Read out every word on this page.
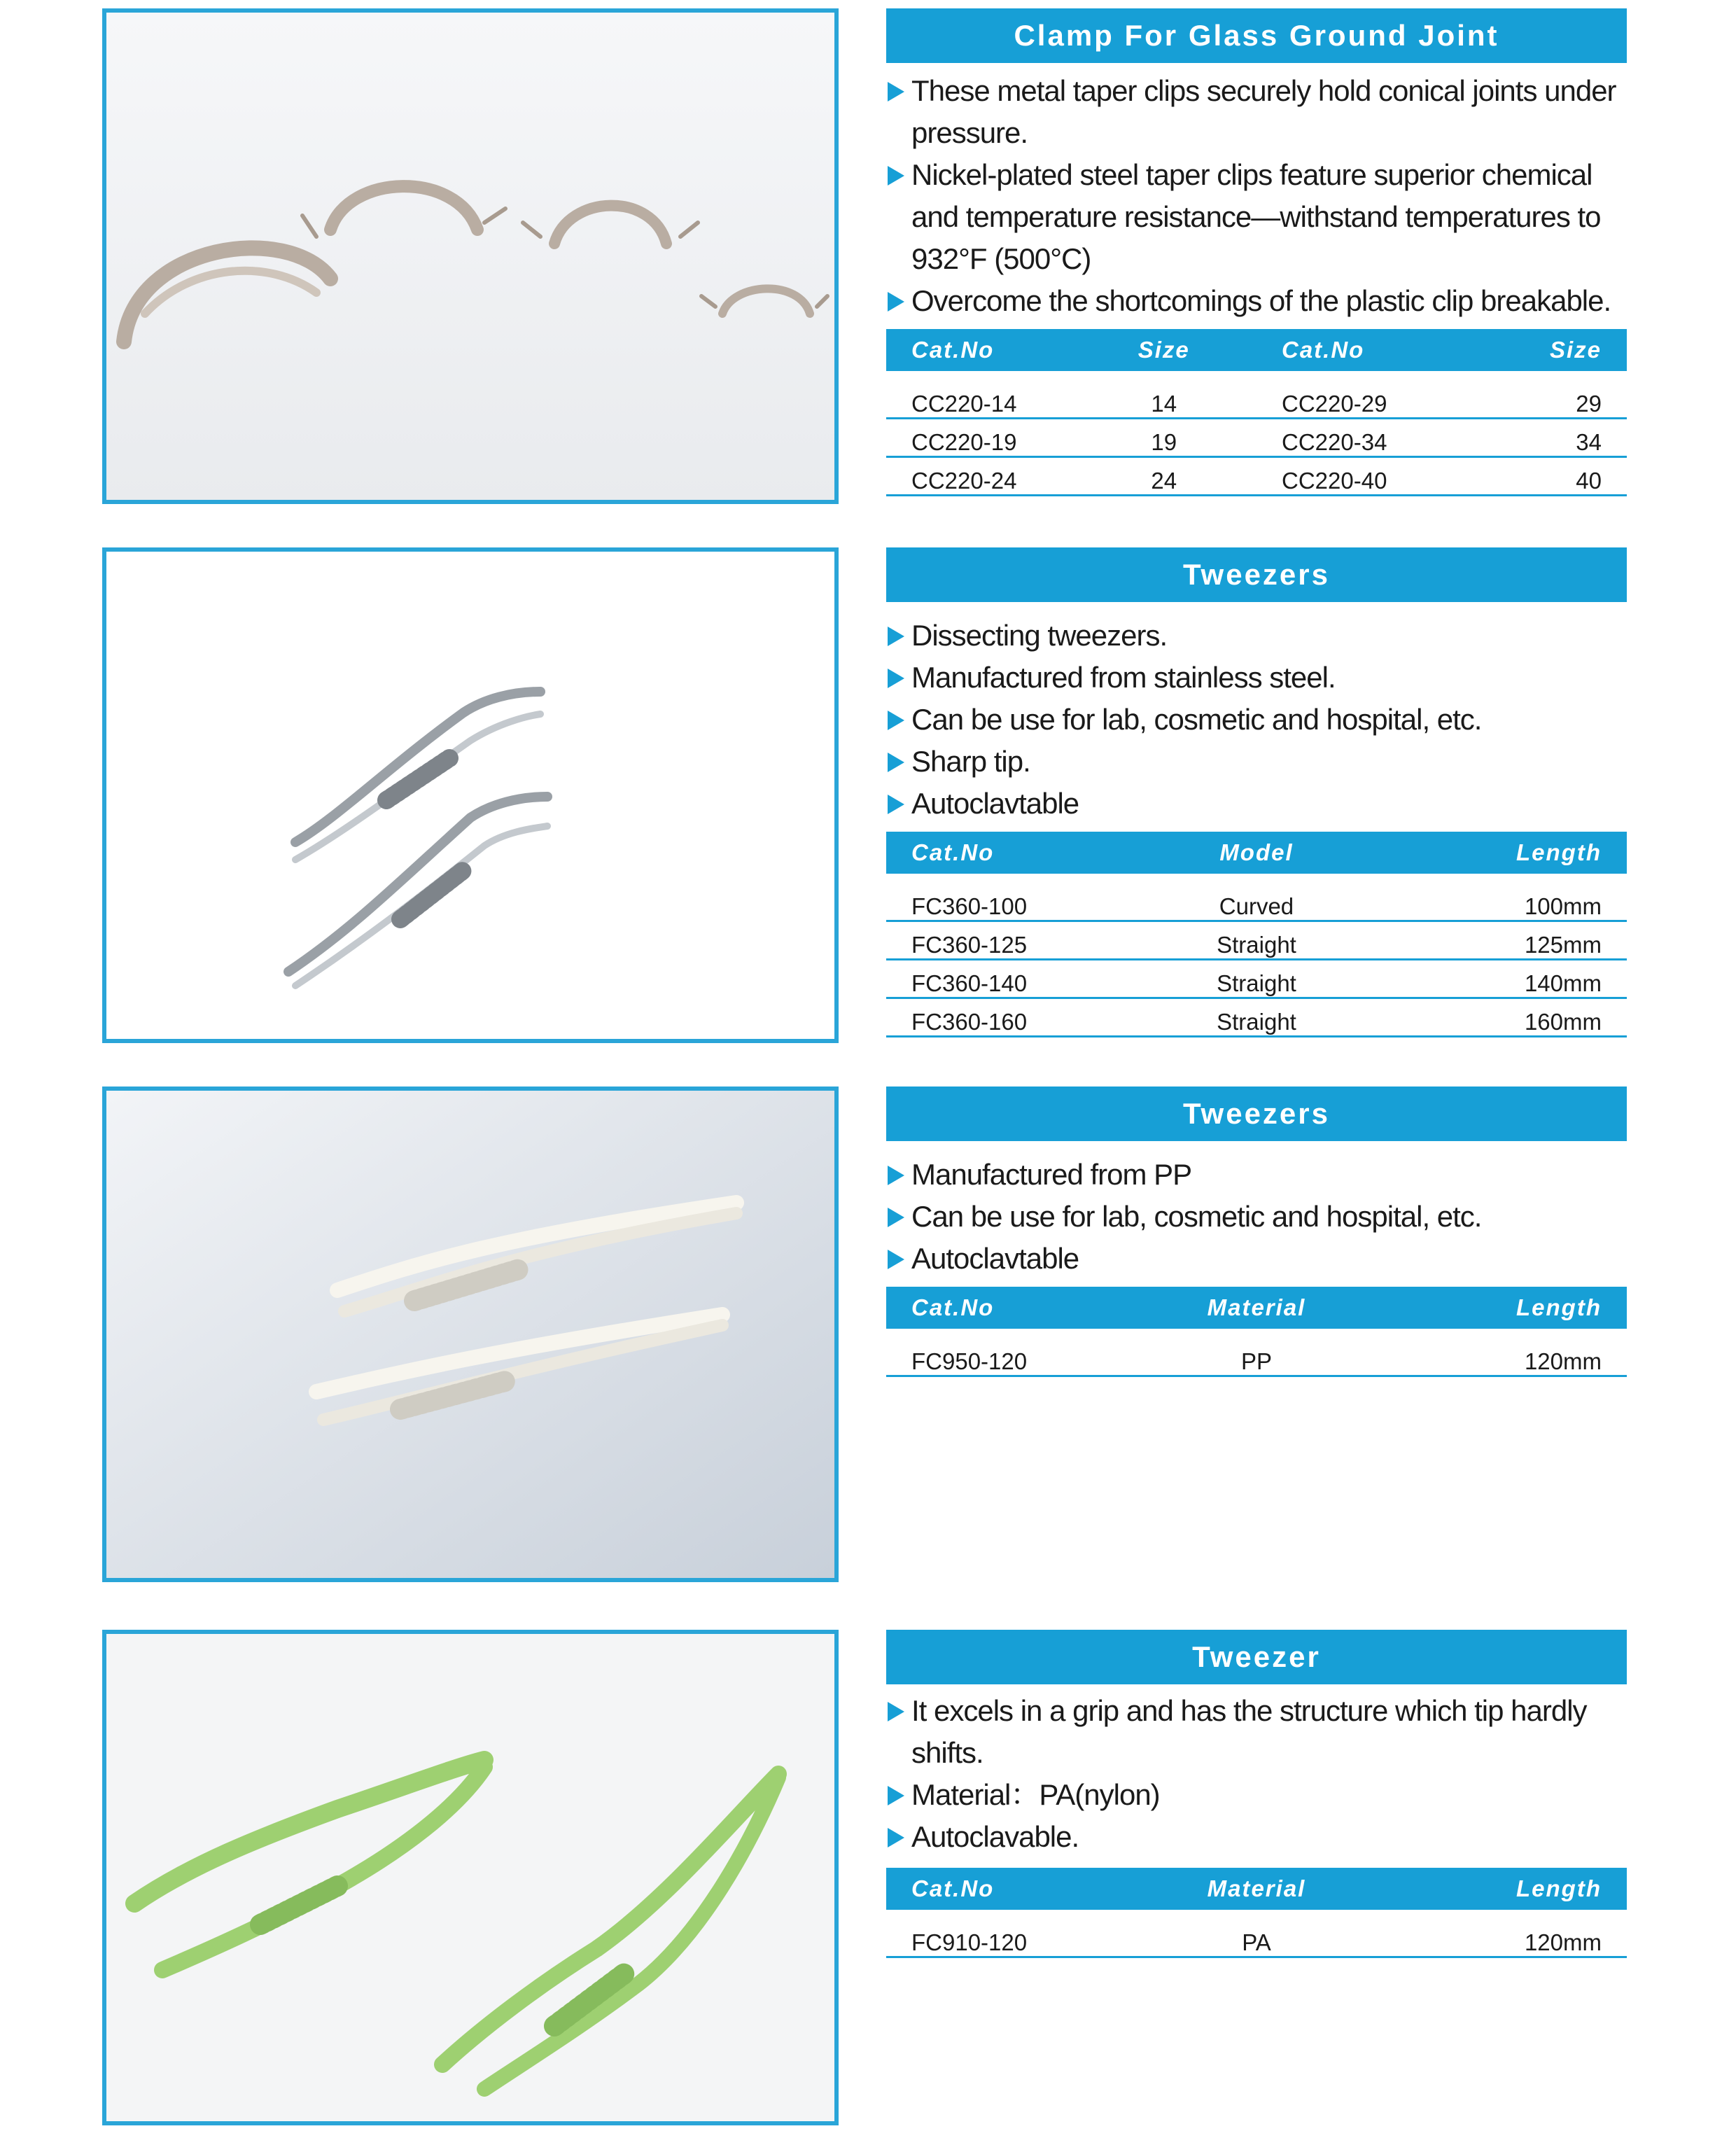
Clamp For Glass Ground Joint
These metal taper clips securely hold conical joints under pressure.
Nickel-plated steel taper clips feature superior chemical and temperature resistance—withstand temperatures to 932°F (500°C)
Overcome the shortcomings of the plastic clip breakable.
Cat.No	Size	Cat.No	Size
CC220-14	14	CC220-29	29
CC220-19	19	CC220-34	34
CC220-24	24	CC220-40	40
Tweezers
Dissecting tweezers.
Manufactured from stainless steel.
Can be use for lab, cosmetic and hospital, etc.
Sharp tip.
Autoclavtable
Cat.No	Model	Length
FC360-100	Curved	100mm
FC360-125	Straight	125mm
FC360-140	Straight	140mm
FC360-160	Straight	160mm
Tweezers
Manufactured from PP
Can be use for lab, cosmetic and hospital, etc.
Autoclavtable
Cat.No	Material	Length
FC950-120	PP	120mm
Tweezer
It excels in a grip and has the structure which tip hardly shifts.
Material：PA(nylon)
Autoclavable.
Cat.No	Material	Length
FC910-120	PA	120mm
